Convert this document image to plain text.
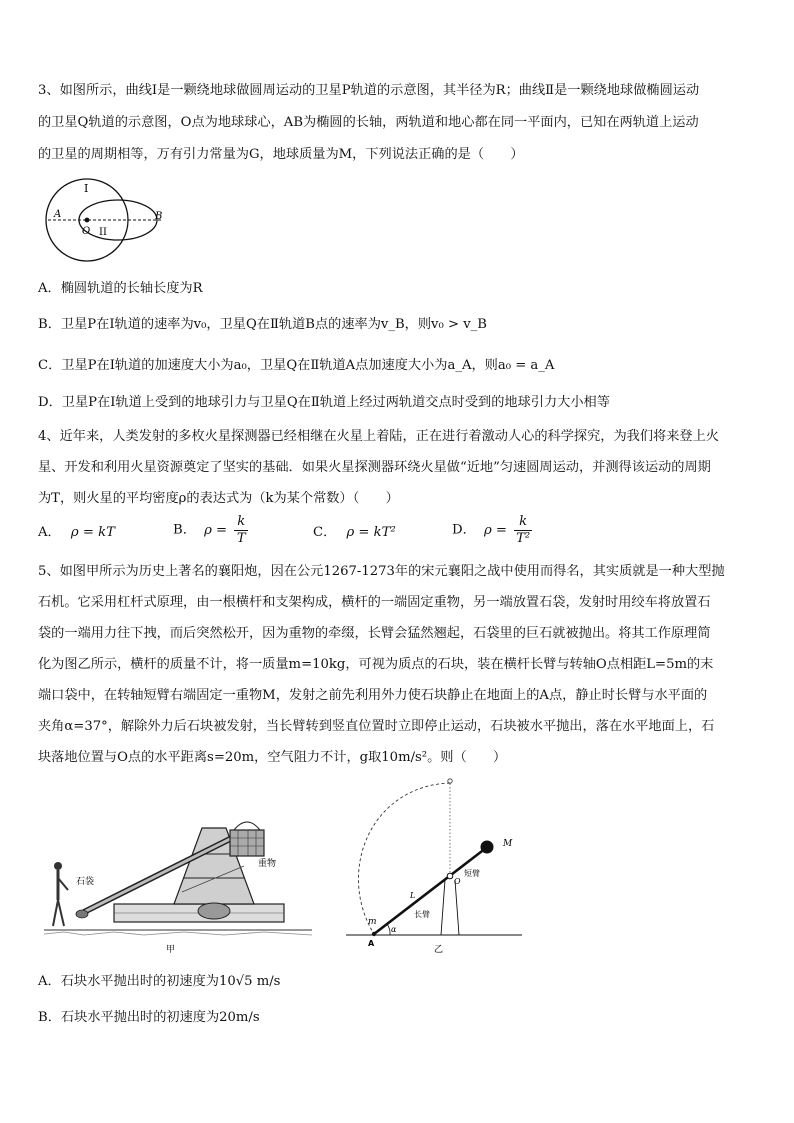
3、如图所示，曲线Ⅰ是一颗绕地球做圆周运动的卫星P轨道的示意图，其半径为R；曲线Ⅱ是一颗绕地球做椭圆运动
的卫星Q轨道的示意图，O点为地球球心，AB为椭圆的长轴，两轨道和地心都在同一平面内，已知在两轨道上运动
的卫星的周期相等，万有引力常量为G，地球质量为M，下列说法正确的是（　　）
I
A	B
O II
A．椭圆轨道的长轴长度为R
B．卫星P在Ⅰ轨道的速率为v₀，卫星Q在Ⅱ轨道B点的速率为v_B，则v₀ > v_B
C．卫星P在Ⅰ轨道的加速度大小为a₀，卫星Q在Ⅱ轨道A点加速度大小为a_A，则a₀ = a_A
D．卫星P在Ⅰ轨道上受到的地球引力与卫星Q在Ⅱ轨道上经过两轨道交点时受到的地球引力大小相等
4、近年来，人类发射的多枚火星探测器已经相继在火星上着陆，正在进行着激动人心的科学探究，为我们将来登上火
星、开发和利用火星资源奠定了坚实的基础．如果火星探测器环绕火星做“近地”匀速圆周运动，并测得该运动的周期
为T，则火星的平均密度ρ的表达式为（k为某个常数）（　　）
A． ρ = kT	B． $\rho = \frac{k}{T}$	C． ρ = kT²	D． $\rho = \frac{k}{\text{T²}}$
5、如图甲所示为历史上著名的襄阳炮，因在公元1267-1273年的宋元襄阳之战中使用而得名，其实质就是一种大型抛
石机。它采用杠杆式原理，由一根横杆和支架构成，横杆的一端固定重物，另一端放置石袋，发射时用绞车将放置石
袋的一端用力往下拽，而后突然松开，因为重物的牵缀，长臂会猛然翘起，石袋里的巨石就被抛出。将其工作原理简
化为图乙所示，横杆的质量不计，将一质量m=10kg，可视为质点的石块，装在横杆长臂与转轴O点相距L=5m的末
端口袋中，在转轴短臂右端固定一重物M，发射之前先利用外力使石块静止在地面上的A点，静止时长臂与水平面的
夹角α=37°，解除外力后石块被发射，当长臂转到竖直位置时立即停止运动，石块被水平抛出，落在水平地面上，石
块落地位置与O点的水平距离s=20m，空气阻力不计，g取10m/s²。则（　　）
石袋
重物
甲
M
O
短臂
L
长臂
m
α
A
乙
A．石块水平抛出时的初速度为10√5 m/s
B．石块水平抛出时的初速度为20m/s
